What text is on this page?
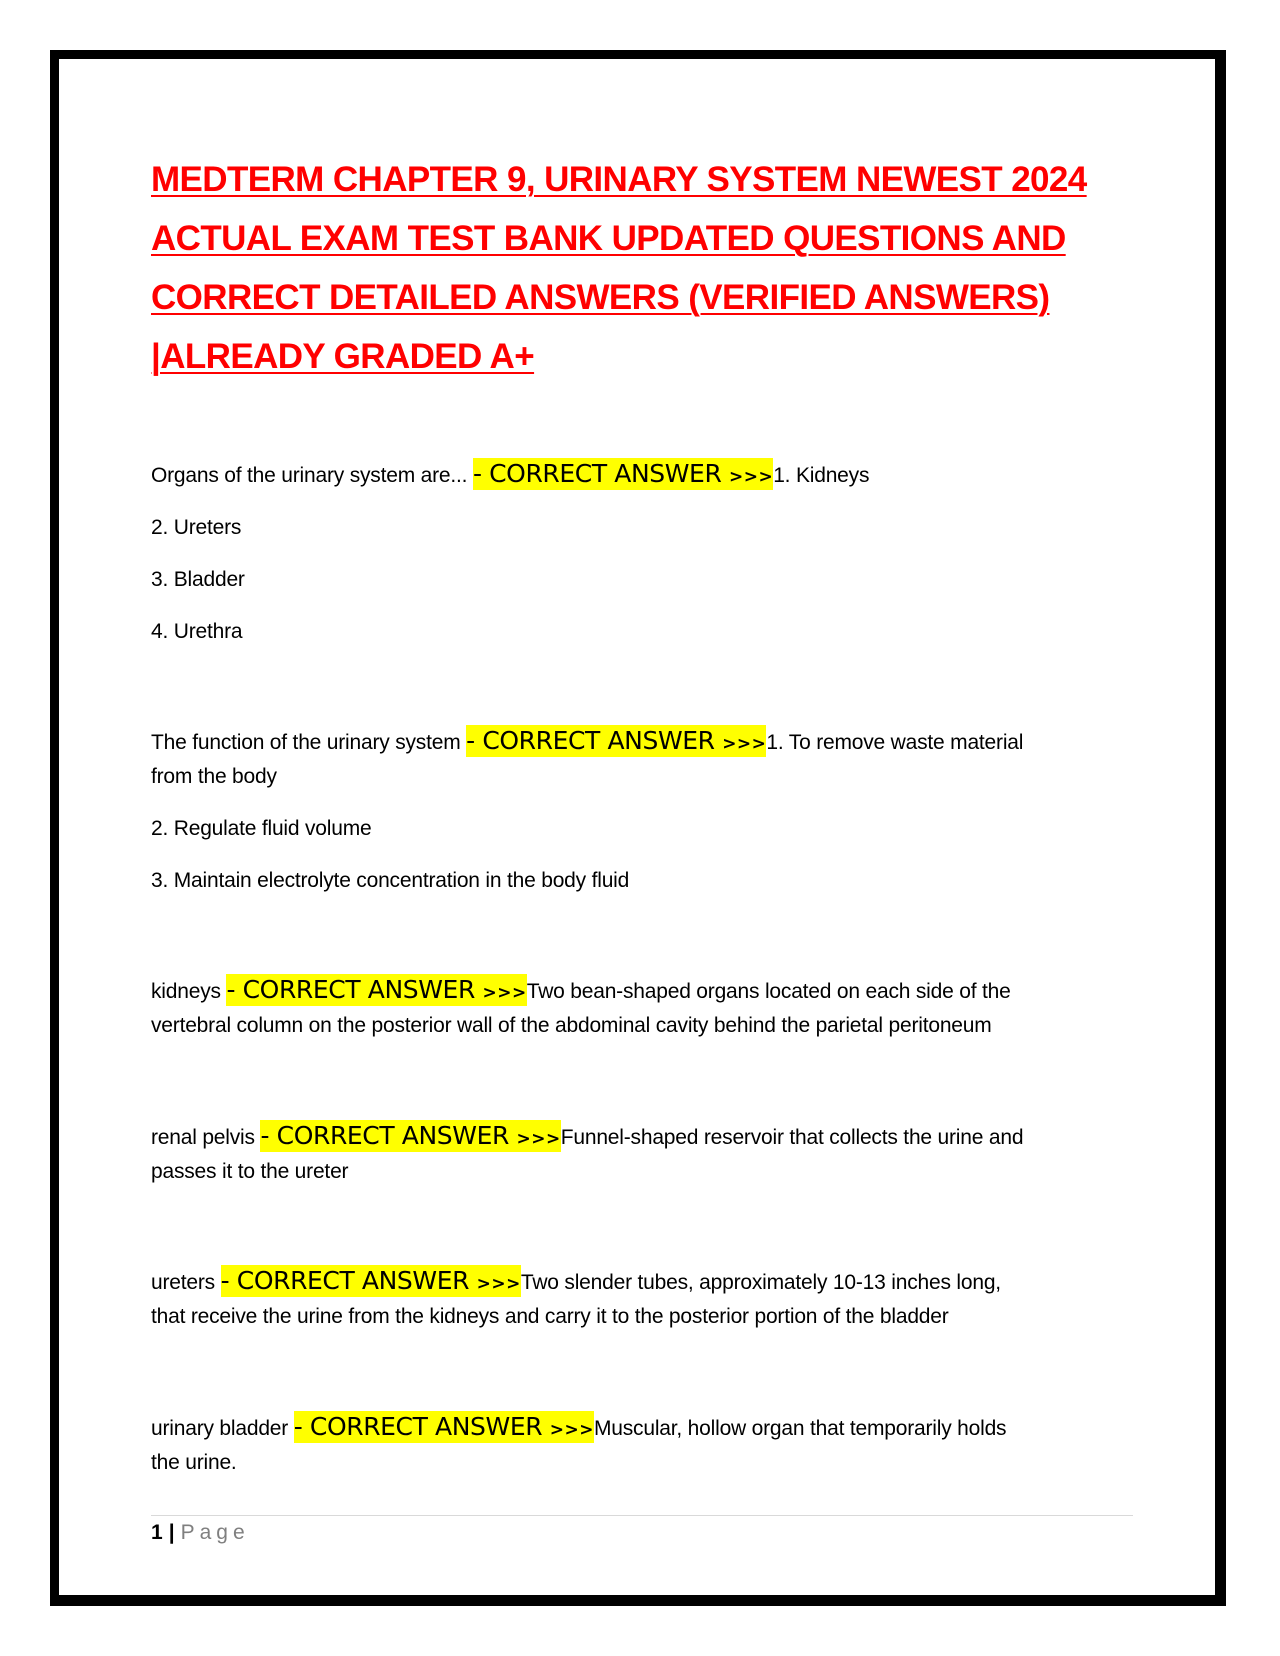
MEDTERM CHAPTER 9, URINARY SYSTEM NEWEST 2024
ACTUAL EXAM TEST BANK UPDATED QUESTIONS AND
CORRECT DETAILED ANSWERS (VERIFIED ANSWERS)
|ALREADY GRADED A+

Organs of the urinary system are... - CORRECT ANSWER >>>1. Kidneys

2. Ureters

3. Bladder

4. Urethra

The function of the urinary system - CORRECT ANSWER >>>1. To remove waste material

from the body

2. Regulate fluid volume

3. Maintain electrolyte concentration in the body fluid

kidneys - CORRECT ANSWER >>>Two bean-shaped organs located on each side of the

vertebral column on the posterior wall of the abdominal cavity behind the parietal peritoneum

renal pelvis - CORRECT ANSWER >>>Funnel-shaped reservoir that collects the urine and

passes it to the ureter

ureters - CORRECT ANSWER >>>Two slender tubes, approximately 10-13 inches long,

that receive the urine from the kidneys and carry it to the posterior portion of the bladder

urinary bladder - CORRECT ANSWER >>>Muscular, hollow organ that temporarily holds

the urine.

1 | Page
